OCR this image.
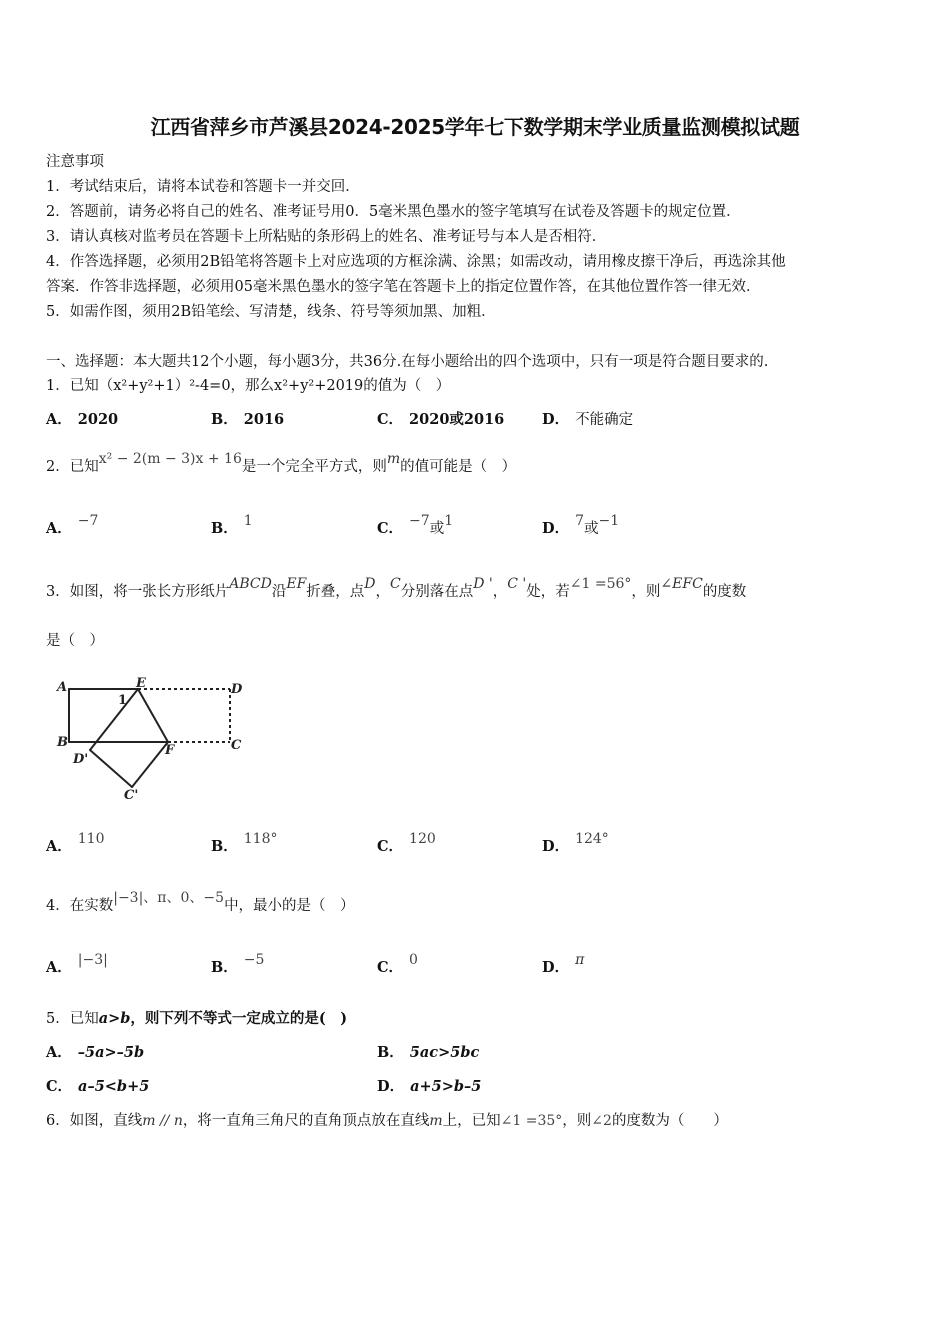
江西省萍乡市芦溪县2024-2025学年七下数学期末学业质量监测模拟试题
注意事项
1．考试结束后，请将本试卷和答题卡一并交回．
2．答题前，请务必将自己的姓名、准考证号用0．5毫米黑色墨水的签字笔填写在试卷及答题卡的规定位置．
3．请认真核对监考员在答题卡上所粘贴的条形码上的姓名、准考证号与本人是否相符．
4．作答选择题，必须用2B铅笔将答题卡上对应选项的方框涂满、涂黑；如需改动，请用橡皮擦干净后，再选涂其他
答案．作答非选择题，必须用05毫米黑色墨水的签字笔在答题卡上的指定位置作答，在其他位置作答一律无效．
5．如需作图，须用2B铅笔绘、写清楚，线条、符号等须加黑、加粗．
一、选择题：本大题共12个小题，每小题3分，共36分.在每小题给出的四个选项中，只有一项是符合题目要求的.
1．已知（x²+y²+1）²-4=0，那么x²+y²+2019的值为（　）
A． 2020	B． 2016	C． 2020或2016	D． 不能确定
2．已知x² − 2(m − 3)x + 16是一个完全平方式，则m的值可能是（　）
A． −7	B． 1	C． −7或1	D． 7或−1
3．如图，将一张长方形纸片ABCD沿EF折叠，点D，C分别落在点D '，C '处，若∠1 =56°，则∠EFC的度数
是（　）
A	E	D
B
F	C
D'
C'
1
A． 110	B． 118°	C． 120	D． 124°
4．在实数|−3|、π、0、−5中，最小的是（　）
A． |−3|	B． −5	C． 0	D． π
5．已知a>b，则下列不等式一定成立的是(　)
A． –5a>–5b	B． 5ac>5bc
C． a–5<b+5	D． a+5>b–5
6．如图，直线m // n，将一直角三角尺的直角顶点放在直线m上，已知∠1 =35°，则∠2的度数为（　　）
